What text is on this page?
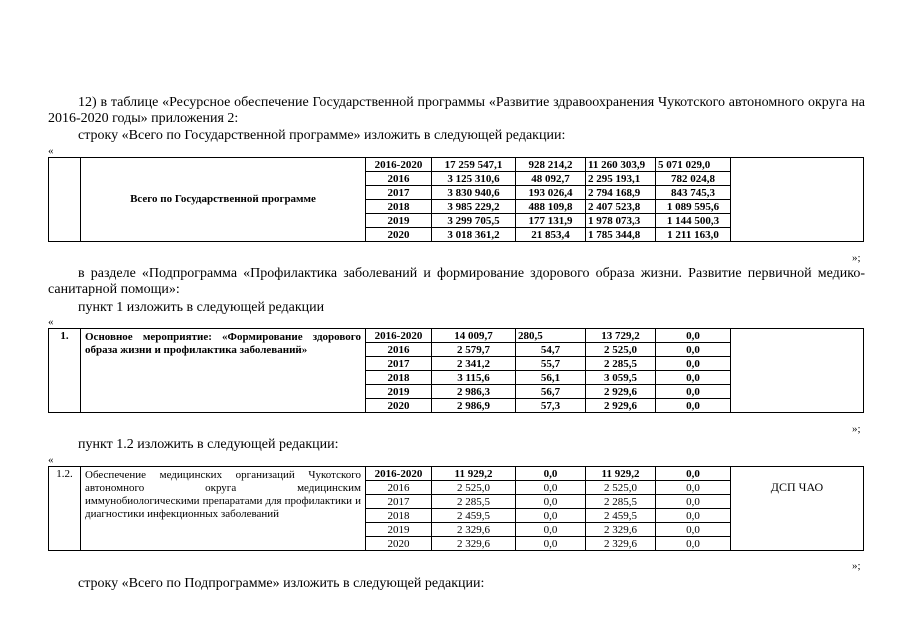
12) в таблице «Ресурсное обеспечение Государственной программы «Развитие здравоохранения Чукотского автономного округа на 2016-2020 годы» приложения 2:
строку «Всего по Государственной программе» изложить в следующей редакции:
«
	Всего по Государственной программе	2016-2020	17 259 547,1	928 214,2	11 260 303,9	5 071 029,0	
		2016	3 125 310,6	48 092,7	2 295 193,1	782 024,8	
		2017	3 830 940,6	193 026,4	2 794 168,9	843 745,3	
		2018	3 985 229,2	488 109,8	2 407 523,8	1 089 595,6	
		2019	3 299 705,5	177 131,9	1 978 073,3	1 144 500,3	
		2020	3 018 361,2	21 853,4	1 785 344,8	1 211 163,0	
»;
в разделе «Подпрограмма «Профилактика заболеваний и формирование здорового образа жизни. Развитие первичной медико-санитарной помощи»:
пункт 1 изложить в следующей редакции
«
1.	Основное мероприятие: «Формирование здорового образа жизни и профилактика заболеваний»	2016-2020	14 009,7	280,5	13 729,2	0,0	
		2016	2 579,7	54,7	2 525,0	0,0	
		2017	2 341,2	55,7	2 285,5	0,0	
		2018	3 115,6	56,1	3 059,5	0,0	
		2019	2 986,3	56,7	2 929,6	0,0	
		2020	2 986,9	57,3	2 929,6	0,0	
»;
пункт 1.2 изложить в следующей редакции:
«
1.2.	Обеспечение медицинских организаций Чукотского автономного округа медицинским иммунобиологическими препаратами для профилактики и диагностики инфекционных заболеваний	2016-2020	11 929,2	0,0	11 929,2	0,0	ДСП ЧАО
		2016	2 525,0	0,0	2 525,0	0,0	
		2017	2 285,5	0,0	2 285,5	0,0	
		2018	2 459,5	0,0	2 459,5	0,0	
		2019	2 329,6	0,0	2 329,6	0,0	
		2020	2 329,6	0,0	2 329,6	0,0	
»;
строку «Всего по Подпрограмме» изложить в следующей редакции:
